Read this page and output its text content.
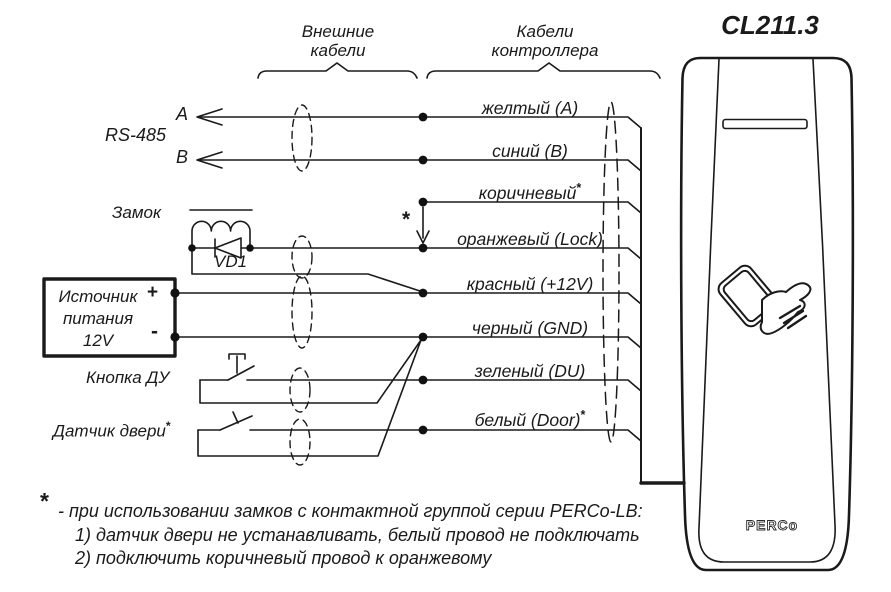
PERCo
Внешние
кабели
Кабели
контроллера
CL211.3
RS-485
A
B
Замок
VD1
Источник
питания
12V
+
-
Кнопка ДУ
Датчик двери*
*
желтый (A)
синий (B)
коричневый*
оранжевый (Lock)
красный (+12V)
черный (GND)
зеленый (DU)
белый (Door)*
* - при использовании замков с контактной группой серии PERCo-LB:
1) датчик двери не устанавливать, белый провод не подключать
2) подключить коричневый провод к оранжевому
